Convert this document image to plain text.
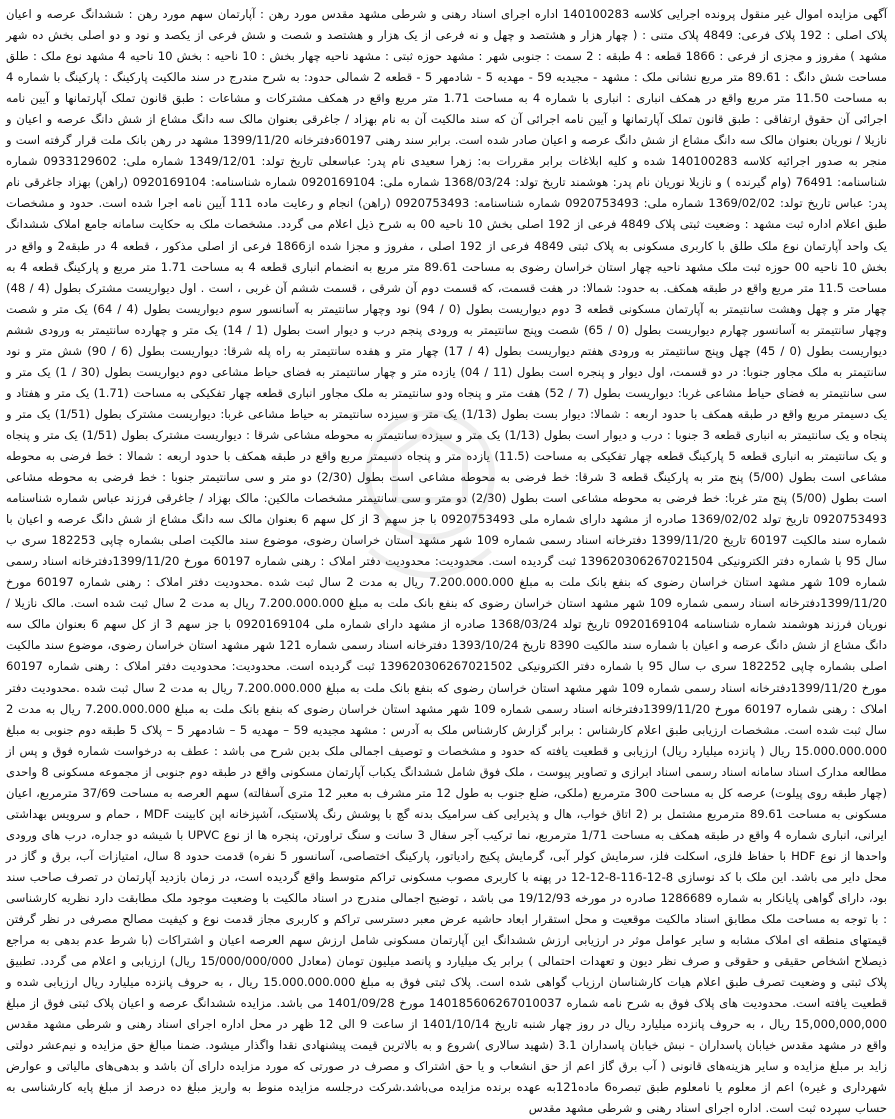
آگهی مزایده اموال غیر منقول پرونده اجرایی کلاسه 140100283 اداره اجرای اسناد رهنی و شرطی مشهد مقدس مورد رهن : آپارتمان سهم مورد رهن : ششدانگ عرصه و اعیان پلاک اصلی : 192 پلاک فرعی: 4849 پلاک متنی : ( چهار هزار و هشتصد و چهل و نه فرعی از یک هزار و هشتصد و شصت و شش فرعی از یکصد و نود و دو اصلی بخش ده شهر مشهد ) مفروز و مجزی از فرعی : 1866 قطعه : 4 طبقه : 2 سمت : جنوبی شهر : مشهد حوزه ثبتی : مشهد ناحیه چهار بخش : 10 ناحیه : بخش 10 ناحیه 4 مشهد نوع ملک : طلق مساحت شش دانگ : 89.61 متر مربع نشانی ملک : مشهد - مجیدیه 59 - مهدیه 5 - شادمهر 5 - قطعه 2 شمالی حدود: به شرح مندرج در سند مالکیت پارکینگ : پارکینگ با شماره 4 به مساحت 11.50 متر مربع واقع در همکف انباری : انباری با شماره 4 به مساحت 1.71 متر مربع واقع در همکف مشترکات و مشاعات : طبق قانون تملک آپارتمانها و آیین نامه اجرائی آن حقوق ارتفاقی : طبق قانون تملک آپارتمانها و آیین نامه اجرائی آن که سند مالکیت آن به نام بهزاد / جاغرقی بعنوان مالک سه دانگ مشاع از شش دانگ عرصه و اعیان و نازیلا / نوریان بعنوان مالک سه دانگ مشاع از شش دانگ عرصه و اعیان صادر شده است. برابر سند رهنی 60197دفترخانه 1399/11/20 مشهد در رهن بانک ملت قرار گرفته است و منجر به صدور اجرائیه کلاسه 140100283 شده و کلیه ابلاغات برابر مقررات به: زهرا سعیدی نام پدر: عباسعلی تاریخ تولد: 1349/12/01 شماره ملی: 0933129602 شماره شناسنامه: 76491 (وام گیرنده ) و نازیلا نوریان نام پدر: هوشمند تاریخ تولد: 1368/03/24 شماره ملی: 0920169104 شماره شناسنامه: 0920169104 (راهن) بهزاد جاغرقی نام پدر: عباس تاریخ تولد: 1369/02/02 شماره ملی: 0920753493 شماره شناسنامه: 0920753493 (راهن) انجام و رعایت ماده 111 آیین نامه اجرا شده است. حدود و مشخصات طبق اعلام اداره ثبت مشهد : وضعیت ثبتی پلاک 4849 فرعی از 192 اصلی بخش 10 ناحیه 00 به شرح ذیل اعلام می گردد. مشخصات ملک به حکایت سامانه جامع املاک ششدانگ یک واحد آپارتمان نوع ملک طلق با کاربری مسکونی به پلاک ثبتی 4849 فرعی از 192 اصلی ، مفروز و مجزا شده از1866 فرعی از اصلی مذکور ، قطعه 4 در طبقه2 و واقع در بخش 10 ناحیه 00 حوزه ثبت ملک مشهد ناحیه چهار استان خراسان رضوی به مساحت 89.61 متر مربع به انضمام انباری قطعه 4 به مساحت 1.71 متر مربع و پارکینگ قطعه 4 به مساحت 11.5 متر مربع واقع در طبقه همکف. به حدود: شمالا: در هفت قسمت، که قسمت دوم آن شرقی ، قسمت ششم آن غربی ، است . اول دیواریست مشترک بطول (4 / 48) چهار متر و چهل وهشت سانتیمتر به آپارتمان مسکونی قطعه 3 دوم دیواریست بطول (0 / 94) نود وچهار سانتیمتر به آسانسور سوم دیواریست بطول (4 / 64) یک متر و شصت وچهار سانتیمتر به آسانسور چهارم دیواریست بطول (0 / 65) شصت وپنج سانتیمتر به ورودی پنجم درب و دیوار است بطول (1 / 14) یک متر و چهارده سانتیمتر به ورودی ششم دیواریست بطول (0 / 45) چهل وپنج سانتیمتر به ورودی هفتم دیواریست بطول (4 / 17) چهار متر و هفده سانتیمتر به راه پله شرقا: دیواریست بطول (6 / 90) شش متر و نود سانتیمتر به ملک مجاور جنوبا: در دو قسمت، اول دیوار و پنجره است بطول (11 / 04) یازده متر و چهار سانتیمتر به فضای حیاط مشاعی دوم دیواریست بطول (30 / 1) یک متر و سی سانتیمتر به فضای حیاط مشاعی غربا: دیواریست بطول (7 / 52) هفت متر و پنجاه ودو سانتیمتر به ملک مجاور انباری قطعه چهار تفکیکی به مساحت (1.71) یک متر و هفتاد و یک دسیمتر مربع واقع در طبقه همکف با حدود اربعه : شمالا: دیوار بست بطول (1/13) یک متر و سیزده سانتیمتر به حیاط مشاعی غربا: دیواریست مشترک بطول (1/51) یک متر و پنجاه و یک سانتیمتر به انباری قطعه 3 جنوبا : درب و دیوار است بطول (1/13) یک متر و سیزده سانتیمتر به محوطه مشاعی شرقا : دیواریست مشترک بطول (1/51) یک متر و پنجاه و یک سانتیمتر به انباری قطعه 5 پارکینگ قطعه چهار تفکیکی به مساحت (11.5) یازده متر و پنجاه دسیمتر مربع واقع در طبقه همکف با حدود اربعه : شمالا : خط فرضی به محوطه مشاعی است بطول (5/00) پنج متر به پارکینگ قطعه 3 شرقا: خط فرضی به محوطه مشاعی است بطول (2/30) دو متر و سی سانتیمتر جنوبا : خط فرضی به محوطه مشاعی است بطول (5/00) پنج متر غربا: خط فرضی به محوطه مشاعی است بطول (2/30) دو متر و سی سانتیمتر مشخصات مالکین: مالک بهزاد / جاغرقی فرزند عباس شماره شناسنامه 0920753493 تاریخ تولد 1369/02/02 صادره از مشهد دارای شماره ملی 0920753493 با جز سهم 3 از کل سهم 6 بعنوان مالک سه دانگ مشاع از شش دانگ عرصه و اعیان با شماره سند مالکیت 60197 تاریخ 1399/11/20 دفترخانه اسناد رسمی شماره 109 شهر مشهد استان خراسان رضوی، موضوع سند مالکیت اصلی بشماره چاپی 182253 سری ب سال 95 با شماره دفتر الکترونیکی 139620306267021504 ثبت گردیده است. محدودیت: محدودیت دفتر املاک : رهنی شماره 60197 مورخ 1399/11/20دفترخانه اسناد رسمی شماره 109 شهر مشهد استان خراسان رضوی که بنفع بانک ملت به مبلغ 7.200.000.000 ریال به مدت 2 سال ثبت شده .محدودیت دفتر املاک : رهنی شماره 60197 مورخ 1399/11/20دفترخانه اسناد رسمی شماره 109 شهر مشهد استان خراسان رضوی که بنفع بانک ملت به مبلغ 7.200.000.000 ریال به مدت 2 سال ثبت شده است. مالک نازیلا / نوریان فرزند هوشمند شماره شناسنامه 0920169104 تاریخ تولد 1368/03/24 صادره از مشهد دارای شماره ملی 0920169104 با جز سهم 3 از کل سهم 6 بعنوان مالک سه دانگ مشاع از شش دانگ عرصه و اعیان با شماره سند مالکیت 8390 تاریخ 1393/10/24 دفترخانه اسناد رسمی شماره 121 شهر مشهد استان خراسان رضوی، موضوع سند مالکیت اصلی بشماره چاپی 182252 سری ب سال 95 با شماره دفتر الکترونیکی 139620306267021502 ثبت گردیده است. محدودیت: محدودیت دفتر املاک : رهنی شماره 60197 مورخ 1399/11/20دفترخانه اسناد رسمی شماره 109 شهر مشهد استان خراسان رضوی که بنفع بانک ملت به مبلغ 7.200.000.000 ریال به مدت 2 سال ثبت شده .محدودیت دفتر املاک : رهنی شماره 60197 مورخ 1399/11/20دفترخانه اسناد رسمی شماره 109 شهر مشهد استان خراسان رضوی که بنفع بانک ملت به مبلغ 7.200.000.000 ریال به مدت 2 سال ثبت شده است. مشخصات ارزیابی طبق اعلام کارشناس : برابر گزارش کارشناس ملک به آدرس : مشهد مجیدیه 59 – مهدیه 5 – شادمهر 5 – پلاک 5 طبقه دوم جنوبی به مبلغ 15.000.000.000 ریال ( پانزده میلیارد ریال) ارزیابی و قطعیت یافته که حدود و مشخصات و توصیف اجمالی ملک بدین شرح می باشد : عطف به درخواست شماره فوق و پس از مطالعه مدارک اسناد سامانه اسناد رسمی اسناد ابرازی و تصاویر پیوست ، ملک فوق شامل ششدانگ یکباب آپارتمان مسکونی واقع در طبقه دوم جنوبی از مجموعه مسکونی 8 واحدی (چهار طبقه روی پیلوت) عرصه کل به مساحت 300 مترمربع (ملکی، ضلع جنوب به طول 12 متر مشرف به معبر 12 متری آسفالته) سهم العرصه به مساحت 37/69 مترمربع، اعیان مسکونی به مساحت 89.61 مترمربع مشتمل بر (2 اتاق خواب، هال و پذیرایی کف سرامیک بدنه گچ با پوشش رنگ پلاستیک، آشپزخانه اپن کابینت MDF ، حمام و سرویس بهداشتی ایرانی، انباری شماره 4 واقع در طبقه همکف به مساحت 1/71 مترمربع، نما ترکیب آجر سفال 3 سانت و سنگ تراورتن، پنجره ها از نوع UPVC با شیشه دو جداره، درب های ورودی واحدها از نوع HDF با حفاظ فلزی، اسکلت فلز، سرمایش کولر آبی، گرمایش پکیج رادیاتور، پارکینگ اختصاصی، آسانسور 5 نفره) قدمت حدود 8 سال، امتیازات آب، برق و گاز در محل دایر می باشد. این ملک با کد نوسازی 8-12-116-8-12-12 در پهنه با کاربری مصوب مسکونی تراکم متوسط واقع گردیده است، در زمان بازدید آپارتمان در تصرف صاحب سند بود، دارای گواهی پایانکار به شماره 1286689 صادره در مورخه 19/12/93 می باشد ، توضیح اجمالی مندرج در اسناد مالکیت با وضعیت موجود ملک مطابقت دارد نظریه کارشناسی : با توجه به مساحت ملک مطابق اسناد مالکیت موقعیت و محل استقرار ابعاد حاشیه عرض معبر دسترسی تراکم و کاربری مجاز قدمت نوع و کیفیت مصالح مصرفی در نظر گرفتن قیمتهای منطقه ای املاک مشابه و سایر عوامل موثر در ارزیابی ارزش ششدانگ این آپارتمان مسکونی شامل ارزش سهم العرصه اعیان و اشتراکات (با شرط عدم بدهی به مراجع ذیصلاح اشخاص حقیقی و حقوقی و صرف نظر دیون و تعهدات احتمالی ) برابر یک میلیارد و پانصد میلیون تومان (معادل 15/000/000/000 ریال) ارزیابی و اعلام می گردد. تطبیق پلاک ثبتی و وضعیت تصرف طبق اعلام هیات کارشناسان ارزیاب گواهی شده است. پلاک ثبتی فوق به مبلغ 15.000.000.000 ریال ، به حروف پانزده میلیارد ریال ارزیابی شده و قطعیت یافته است. محدودیت های پلاک فوق به شرح نامه شماره 140185606267010037 مورخ 1401/09/28 می باشد. مزایده ششدانگ عرصه و اعیان پلاک ثبتی فوق از مبلغ 15,000,000,000 ریال ، به حروف پانزده میلیارد ریال در روز چهار شنبه تاریخ 1401/10/14 از ساعت 9 الی 12 ظهر در محل اداره اجرای اسناد رهنی و شرطی مشهد مقدس واقع در مشهد مقدس خیابان پاسداران - نبش خیابان پاسداران 3.1 (شهید سالاری )شروع و به بالاترین قیمت پیشنهادی نقدا واگذار میشود. ضمنا مبالغ حق مزایده و نیم‌عشر دولتی زاید بر مبلغ مزایده و سایر هزینه‌های قانونی ( آب برق گاز اعم از حق انشعاب و یا حق اشتراک و مصرف در صورتی که مورد مزایده دارای آن باشد و بدهی‌های مالیاتی و عوارض شهرداری و غیره) اعم از معلوم یا نامعلوم طبق تبصره6 ماده121به عهده برنده مزایده می‌باشد.شرکت درجلسه مزایده منوط به واریز مبلغ ده درصد از مبلغ پایه کارشناسی به حساب سپرده ثبت است. اداره اجرای اسناد رهنی و شرطی مشهد مقدس
